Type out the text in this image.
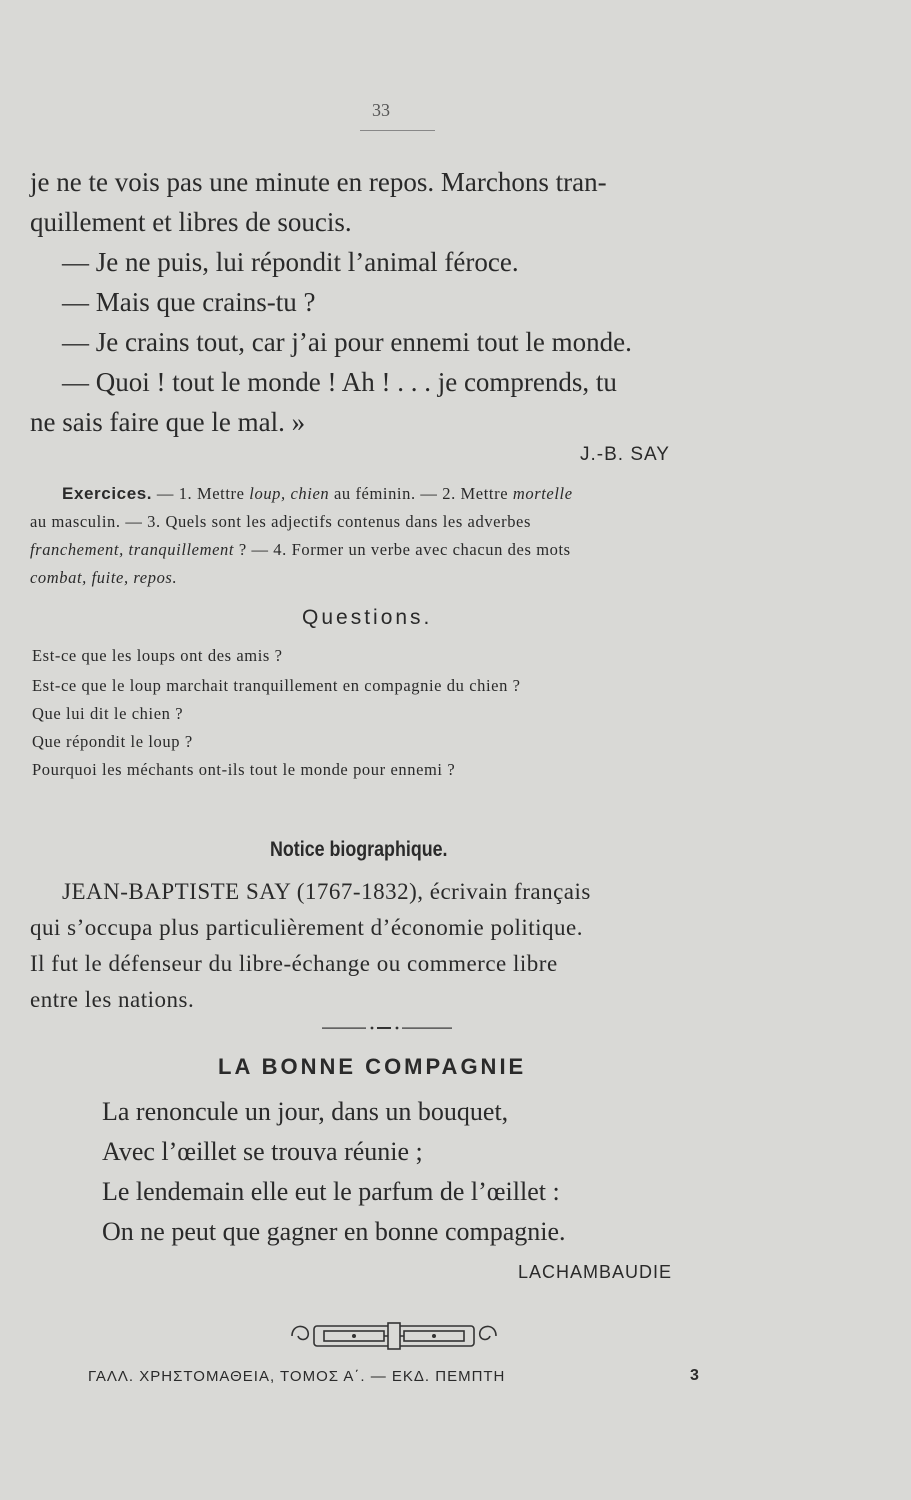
33
je ne te vois pas une minute en repos. Marchons tran-
quillement et libres de soucis.
— Je ne puis, lui répondit l’animal féroce.
— Mais que crains-tu ?
— Je crains tout, car j’ai pour ennemi tout le monde.
— Quoi ! tout le monde ! Ah ! . . . je comprends, tu
ne sais faire que le mal. »
J.-B. SAY
Exercices. — 1. Mettre loup, chien au féminin. — 2. Mettre mortelle
au masculin. — 3. Quels sont les adjectifs contenus dans les adverbes
franchement, tranquillement ? — 4. Former un verbe avec chacun des mots
combat, fuite, repos.
Questions.
Est-ce que les loups ont des amis ?
Est-ce que le loup marchait tranquillement en compagnie du chien ?
Que lui dit le chien ?
Que répondit le loup ?
Pourquoi les méchants ont-ils tout le monde pour ennemi ?
Notice biographique.
JEAN-BAPTISTE SAY (1767-1832), écrivain français
qui s’occupa plus particulièrement d’économie politique.
Il fut le défenseur du libre-échange ou commerce libre
entre les nations.
LA BONNE COMPAGNIE
La renoncule un jour, dans un bouquet,
Avec l’œillet se trouva réunie ;
Le lendemain elle eut le parfum de l’œillet :
On ne peut que gagner en bonne compagnie.
LACHAMBAUDIE
ΓΑΛΛ. ΧΡΗΣΤΟΜΑΘΕΙΑ, ΤΟΜΟΣ Α΄. — ΕΚΔ. ΠΕΜΠΤΗ	3
